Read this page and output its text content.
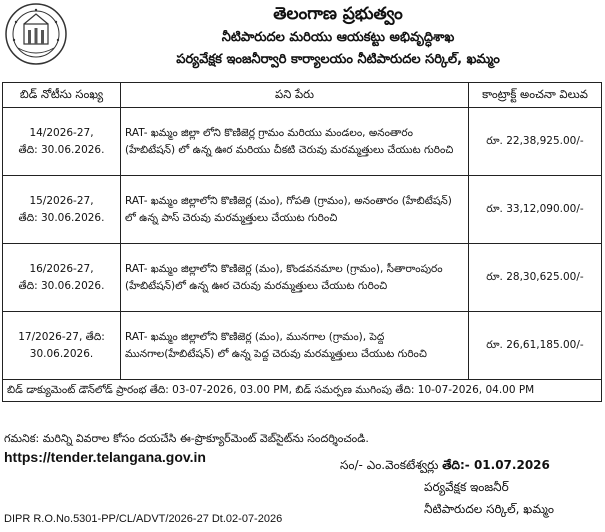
తెలంగాణ ప్రభుత్వం
నీటిపారుదల మరియు ఆయకట్టు అభివృద్ధిశాఖ
పర్యవేక్షక ఇంజనీర్వారి కార్యాలయం నీటిపారుదల సర్కిల్, ఖమ్మం
బిడ్ నోటీసు సంఖ్య	పని పేరు	కాంట్రాక్ట్ అంచనా విలువ

14/2026-27,
తేది: 30.06.2026.	RAT- ఖమ్మం జిల్లా లోని కొణిజెర్ల గ్రామం మరియు మండలం, అనంతారం (హేబిటేషన్) లో ఉన్న ఊర మరియు చీకటి చెరువు మరమ్మత్తులు చేయుట గురించి	రూ. 22,38,925.00/-

15/2026-27,
తేది: 30.06.2026.	RAT- ఖమ్మం జిల్లాలోని కొణిజెర్ల (మం), గోపతి (గ్రామం), అనంతారం (హేబిటేషన్) లో ఉన్న పాస్ చెరువు మరమ్మత్తులు చేయుట గురించి	రూ. 33,12,090.00/-

16/2026-27,
తేది: 30.06.2026.	RAT- ఖమ్మం జిల్లాలోని కొణిజెర్ల (మం), కొండవనమాల (గ్రామం), సీతారాంపురం (హేబిటేషన్)లో ఉన్న ఊర చెరువు మరమ్మత్తులు చేయుట గురించి	రూ. 28,30,625.00/-

17/2026-27, తేది:
30.06.2026.	RAT- ఖమ్మం జిల్లాలోని కొణిజెర్ల (మం), మునగాల (గ్రామం), పెద్ద మునగాల(హేబిటేషన్) లో ఉన్న పెద్ద చెరువు మరమ్మత్తులు చేయుట గురించి	రూ. 26,61,185.00/-
బిడ్ డాక్యుమెంట్ డౌన్‌లోడ్ ప్రారంభ తేది: 03-07-2026, 03.00 PM, బిడ్ సమర్పణ ముగింపు తేది: 10-07-2026, 04.00 PM		
గమనిక: మరిన్ని వివరాల కోసం దయచేసి ఈ-ప్రొక్యూర్‌మెంట్ వెబ్‌సైట్‌ను సందర్శించండి.
https://tender.telangana.gov.in	సం/- ఎం.వెంకటేశ్వర్లు తేది:- 01.07.2026
పర్యవేక్షక ఇంజనీర్
నీటిపారుదల సర్కిల్, ఖమ్మం
DIPR R.O.No.5301-PP/CL/ADVT/2026-27 Dt.02-07-2026
